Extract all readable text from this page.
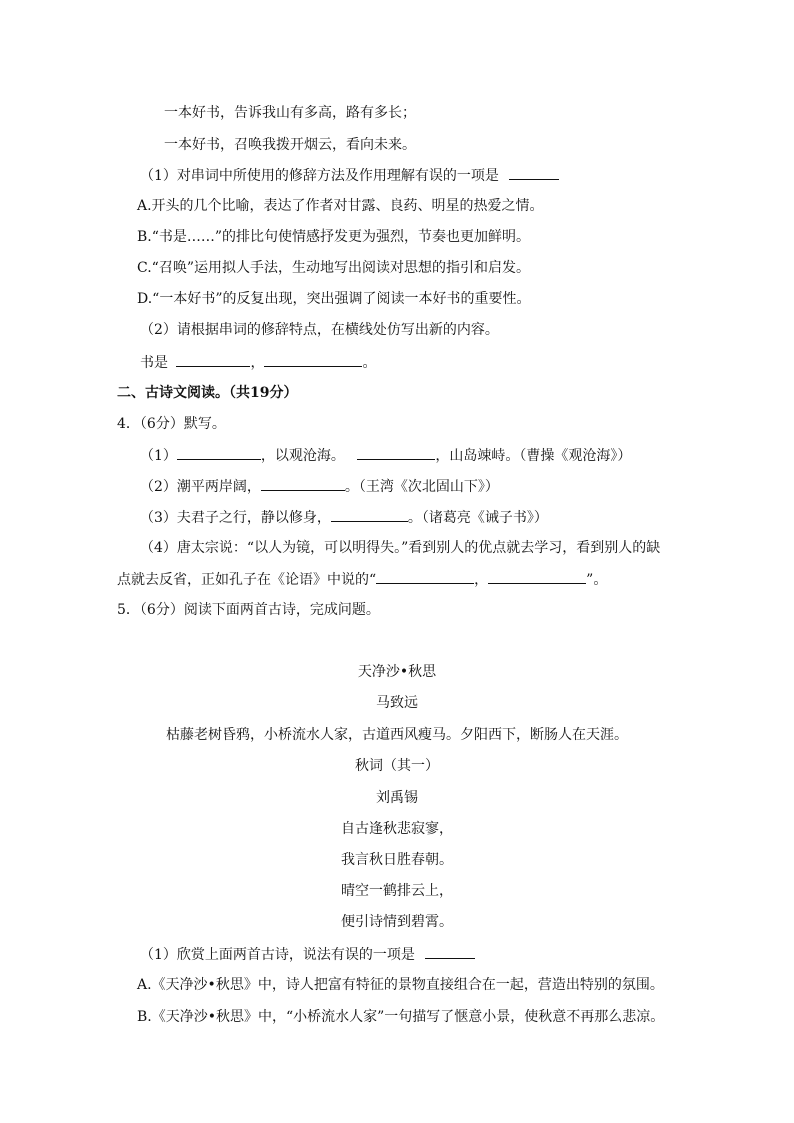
一本好书，告诉我山有多高，路有多长；
一本好书，召唤我拨开烟云，看向未来。
（1）对串词中所使用的修辞方法及作用理解有误的一项是
A.开头的几个比喻，表达了作者对甘露、良药、明星的热爱之情。
B.“书是……”的排比句使情感抒发更为强烈，节奏也更加鲜明。
C.“召唤”运用拟人手法，生动地写出阅读对思想的指引和启发。
D.“一本好书”的反复出现，突出强调了阅读一本好书的重要性。
（2）请根据串词的修辞特点，在横线处仿写出新的内容。
书是	，	。
二、古诗文阅读。（共19分）
4．（6分）默写。
（1）	，以观沧海。	，山岛竦峙。（曹操《观沧海》）
（2）潮平两岸阔，	。（王湾《次北固山下》）
（3）夫君子之行，静以修身，	。（诸葛亮《诫子书》）
（4）唐太宗说：“以人为镜，可以明得失。”看到别人的优点就去学习，看到别人的缺
点就去反省，正如孔子在《论语》中说的“	，	”。
5．（6分）阅读下面两首古诗，完成问题。
天净沙•秋思
马致远
枯藤老树昏鸦，小桥流水人家，古道西风瘦马。夕阳西下，断肠人在天涯。
秋词（其一）
刘禹锡
自古逢秋悲寂寥，
我言秋日胜春朝。
晴空一鹤排云上，
便引诗情到碧霄。
（1）欣赏上面两首古诗，说法有误的一项是
A.《天净沙•秋思》中，诗人把富有特征的景物直接组合在一起，营造出特别的氛围。
B.《天净沙•秋思》中，“小桥流水人家”一句描写了惬意小景，使秋意不再那么悲凉。
